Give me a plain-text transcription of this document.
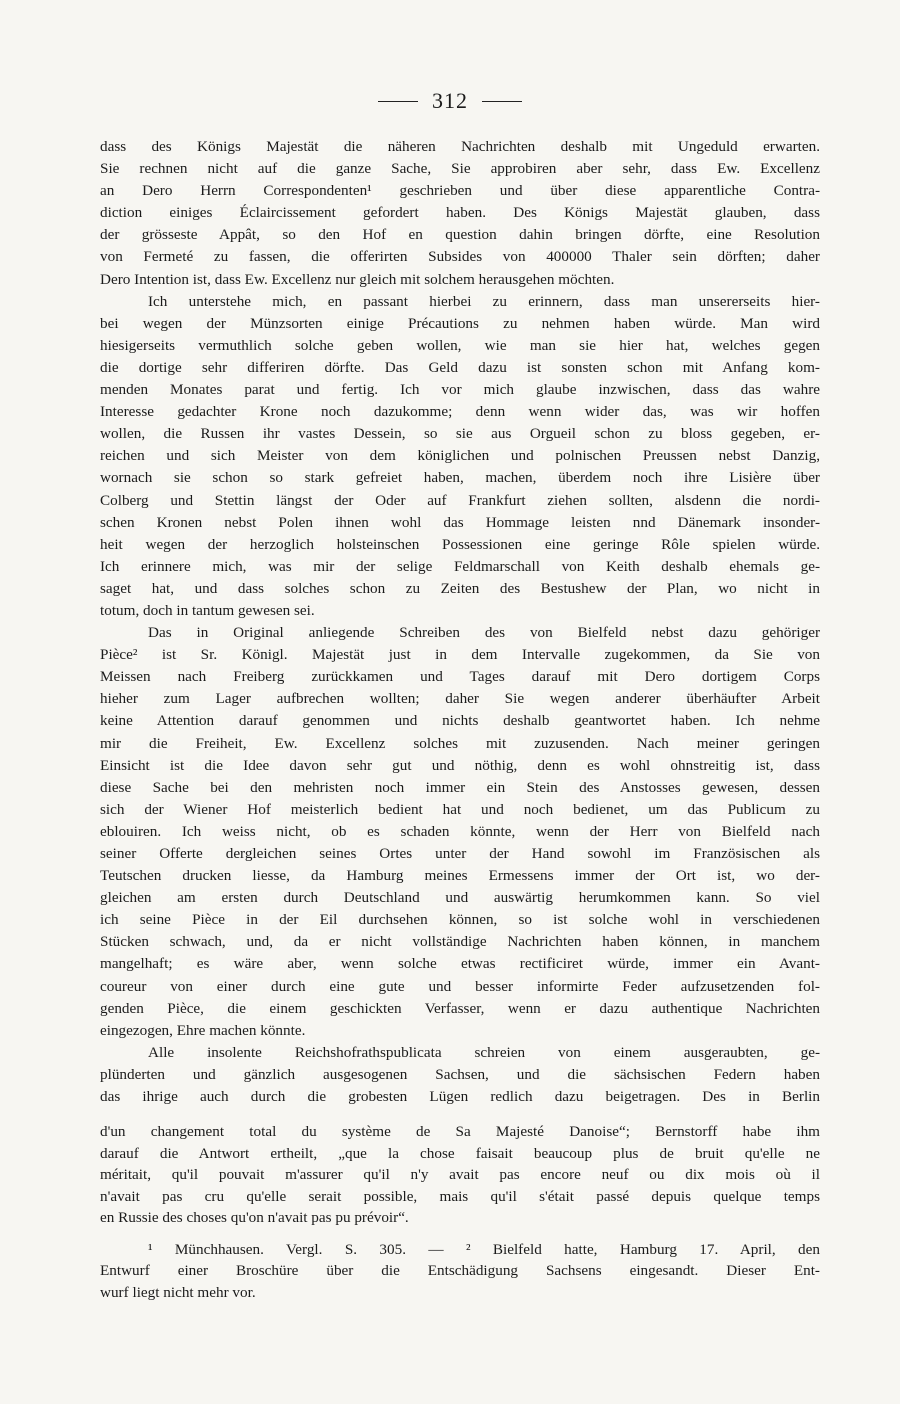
312
dass des Königs Majestät die näheren Nachrichten deshalb mit Ungeduld erwarten.
Sie rechnen nicht auf die ganze Sache, Sie approbiren aber sehr, dass Ew. Excellenz
an Dero Herrn Correspondenten¹ geschrieben und über diese apparentliche Contra-
diction einiges Éclaircissement gefordert haben. Des Königs Majestät glauben, dass
der grösseste Appât, so den Hof en question dahin bringen dörfte, eine Resolution
von Fermeté zu fassen, die offerirten Subsides von 400000 Thaler sein dörften; daher
Dero Intention ist, dass Ew. Excellenz nur gleich mit solchem herausgehen möchten.
Ich unterstehe mich, en passant hierbei zu erinnern, dass man unsererseits hier-
bei wegen der Münzsorten einige Précautions zu nehmen haben würde. Man wird
hiesigerseits vermuthlich solche geben wollen, wie man sie hier hat, welches gegen
die dortige sehr differiren dörfte. Das Geld dazu ist sonsten schon mit Anfang kom-
menden Monates parat und fertig. Ich vor mich glaube inzwischen, dass das wahre
Interesse gedachter Krone noch dazukomme; denn wenn wider das, was wir hoffen
wollen, die Russen ihr vastes Dessein, so sie aus Orgueil schon zu bloss gegeben, er-
reichen und sich Meister von dem königlichen und polnischen Preussen nebst Danzig,
wornach sie schon so stark gefreiet haben, machen, überdem noch ihre Lisière über
Colberg und Stettin längst der Oder auf Frankfurt ziehen sollten, alsdenn die nordi-
schen Kronen nebst Polen ihnen wohl das Hommage leisten nnd Dänemark insonder-
heit wegen der herzoglich holsteinschen Possessionen eine geringe Rôle spielen würde.
Ich erinnere mich, was mir der selige Feldmarschall von Keith deshalb ehemals ge-
saget hat, und dass solches schon zu Zeiten des Bestushew der Plan, wo nicht in
totum, doch in tantum gewesen sei.
Das in Original anliegende Schreiben des von Bielfeld nebst dazu gehöriger
Pièce² ist Sr. Königl. Majestät just in dem Intervalle zugekommen, da Sie von
Meissen nach Freiberg zurückkamen und Tages darauf mit Dero dortigem Corps
hieher zum Lager aufbrechen wollten; daher Sie wegen anderer überhäufter Arbeit
keine Attention darauf genommen und nichts deshalb geantwortet haben. Ich nehme
mir die Freiheit, Ew. Excellenz solches mit zuzusenden. Nach meiner geringen
Einsicht ist die Idee davon sehr gut und nöthig, denn es wohl ohnstreitig ist, dass
diese Sache bei den mehristen noch immer ein Stein des Anstosses gewesen, dessen
sich der Wiener Hof meisterlich bedient hat und noch bedienet, um das Publicum zu
eblouiren. Ich weiss nicht, ob es schaden könnte, wenn der Herr von Bielfeld nach
seiner Offerte dergleichen seines Ortes unter der Hand sowohl im Französischen als
Teutschen drucken liesse, da Hamburg meines Ermessens immer der Ort ist, wo der-
gleichen am ersten durch Deutschland und auswärtig herumkommen kann. So viel
ich seine Pièce in der Eil durchsehen können, so ist solche wohl in verschiedenen
Stücken schwach, und, da er nicht vollständige Nachrichten haben können, in manchem
mangelhaft; es wäre aber, wenn solche etwas rectificiret würde, immer ein Avant-
coureur von einer durch eine gute und besser informirte Feder aufzusetzenden fol-
genden Pièce, die einem geschickten Verfasser, wenn er dazu authentique Nachrichten
eingezogen, Ehre machen könnte.
Alle insolente Reichshofrathspublicata schreien von einem ausgeraubten, ge-
plünderten und gänzlich ausgesogenen Sachsen, und die sächsischen Federn haben
das ihrige auch durch die grobesten Lügen redlich dazu beigetragen. Des in Berlin
d'un changement total du système de Sa Majesté Danoise“; Bernstorff habe ihm
darauf die Antwort ertheilt, „que la chose faisait beaucoup plus de bruit qu'elle ne
méritait, qu'il pouvait m'assurer qu'il n'y avait pas encore neuf ou dix mois où il
n'avait pas cru qu'elle serait possible, mais qu'il s'était passé depuis quelque temps
en Russie des choses qu'on n'avait pas pu prévoir“.
¹ Münchhausen. Vergl. S. 305. — ² Bielfeld hatte, Hamburg 17. April, den
Entwurf einer Broschüre über die Entschädigung Sachsens eingesandt. Dieser Ent-
wurf liegt nicht mehr vor.
